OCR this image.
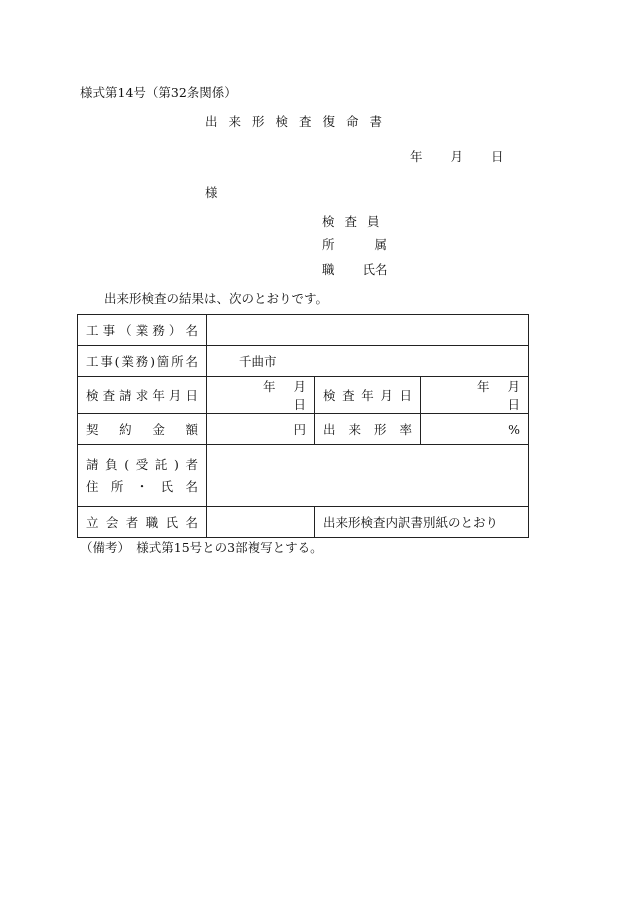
様式第14号（第32条関係）
出来形検査復命書
年 月 日
様
検査員
所	属
職 氏名
出来形検査の結果は、次のとおりです。
工事（業務）名			
工事(業務)箇所名	千曲市		
検査請求年月日	年 月日	検査年月日	年 月日
契約金額	円	出来形率	%

請負(受託)者
住所・氏名			

立会者職氏名		出来形検査内訳書別紙のとおり	
（備考）　様式第15号との3部複写とする。
